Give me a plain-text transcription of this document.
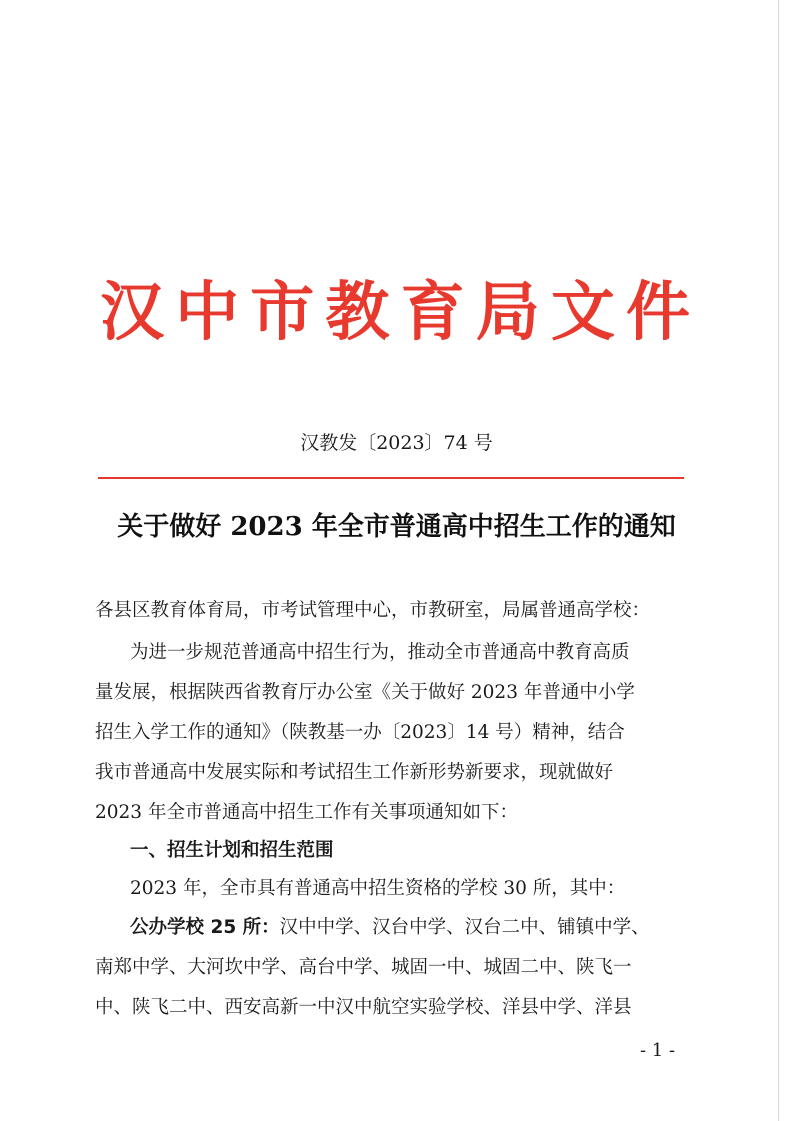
汉 中 市 教 育 局 文 件
汉教发〔2023〕74 号
关于做好 2023 年全市普通高中招生工作的通知
各县区教育体育局，市考试管理中心，市教研室，局属普通高学校：
为进一步规范普通高中招生行为，推动全市普通高中教育高质
量发展，根据陕西省教育厅办公室《关于做好 2023 年普通中小学
招生入学工作的通知》（陕教基一办〔2023〕14 号）精神，结合
我市普通高中发展实际和考试招生工作新形势新要求，现就做好
2023 年全市普通高中招生工作有关事项通知如下：
一、招生计划和招生范围
2023 年，全市具有普通高中招生资格的学校 30 所，其中：
公办学校 25 所：汉中中学、汉台中学、汉台二中、铺镇中学、
南郑中学、大河坎中学、高台中学、城固一中、城固二中、陕飞一
中、陕飞二中、西安高新一中汉中航空实验学校、洋县中学、洋县
- 1 -
